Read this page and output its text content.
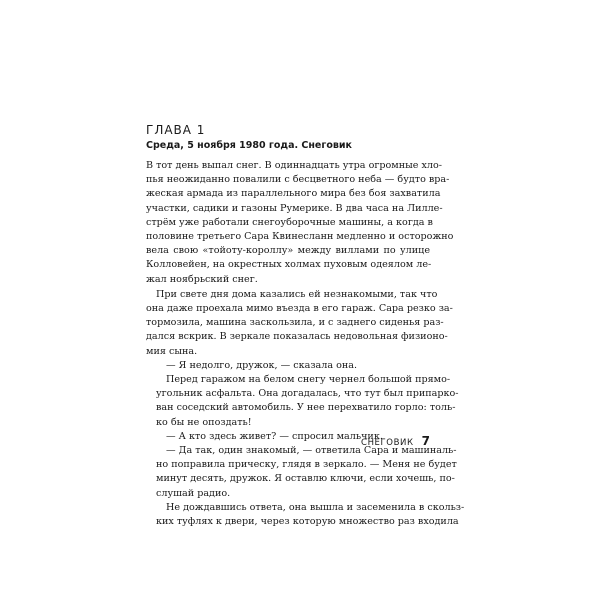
ГЛАВА 1
Среда, 5 ноября 1980 года. Снеговик
В тот день выпал снег. В одиннадцать утра огромные хло-
пья неожиданно повалили с бесцветного неба — будто вра-
жеская армада из параллельного мира без боя захватила
участки, садики и газоны Румерике. В два часа на Лилле-
стрём уже работали снегоуборочные машины, а когда в
половине третьего Сара Квинесланн медленно и осторожно
вела свою «тойоту-короллу» между виллами по улице
Колловейен, на окрестных холмах пуховым одеялом ле-
жал ноябрьский снег.
При свете дня дома казались ей незнакомыми, так что
она даже проехала мимо въезда в его гараж. Сара резко за-
тормозила, машина заскользила, и с заднего сиденья раз-
дался вскрик. В зеркале показалась недовольная физионо-
мия сына.
— Я недолго, дружок, — сказала она.
Перед гаражом на белом снегу чернел большой прямо-
угольник асфальта. Она догадалась, что тут был припарко-
ван соседский автомобиль. У нее перехватило горло: толь-
ко бы не опоздать!
— А кто здесь живет? — спросил мальчик.
— Да так, один знакомый, — ответила Сара и машиналь-
но поправила прическу, глядя в зеркало. — Меня не будет
минут десять, дружок. Я оставлю ключи, если хочешь, по-
слушай радио.
Не дождавшись ответа, она вышла и засеменила в скольз-
ких туфлях к двери, через которую множество раз входила
СНЕГОВИК 7
